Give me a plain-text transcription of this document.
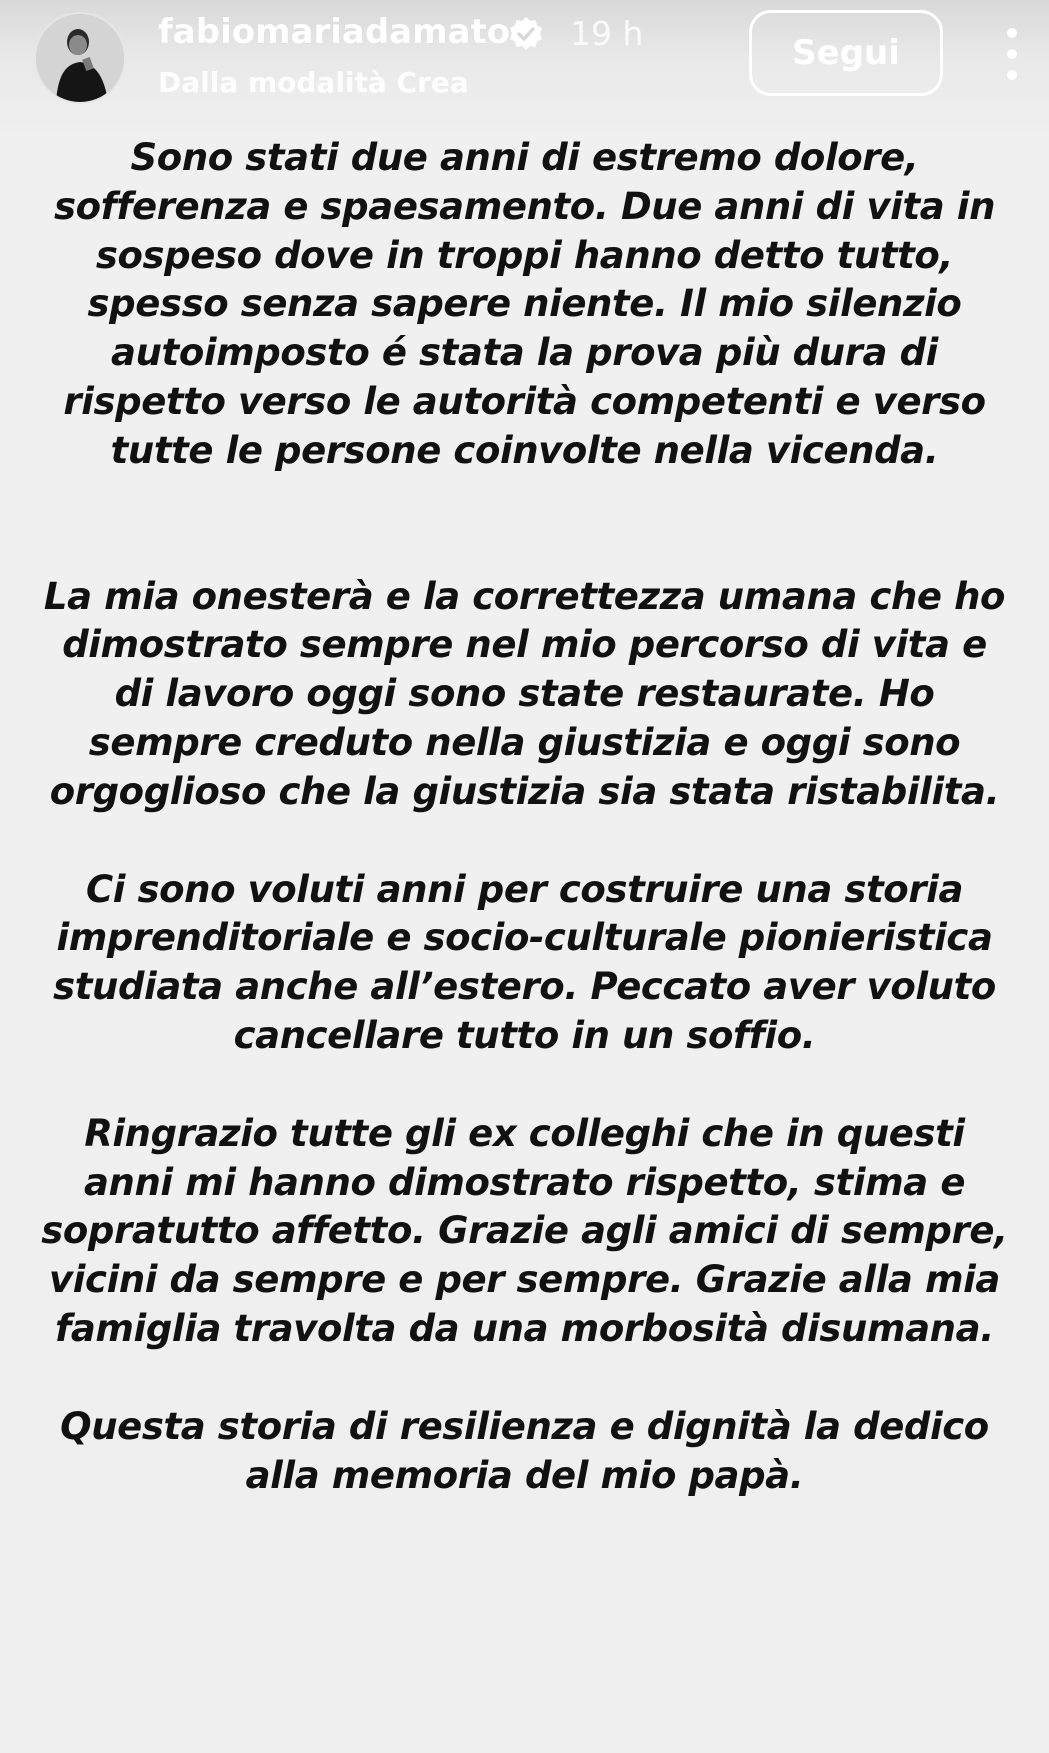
fabiomariadamato 19 h
Dalla modalità Crea
Segui

Sono stati due anni di estremo dolore, sofferenza e spaesamento. Due anni di vita in sospeso dove in troppi hanno detto tutto, spesso senza sapere niente. Il mio silenzio autoimposto é stata la prova più dura di rispetto verso le autorità competenti e verso tutte le persone coinvolte nella vicenda.

La mia onesterà e la correttezza umana che ho dimostrato sempre nel mio percorso di vita e di lavoro oggi sono state restaurate. Ho sempre creduto nella giustizia e oggi sono orgoglioso che la giustizia sia stata ristabilita.

Ci sono voluti anni per costruire una storia imprenditoriale e socio-culturale pionieristica studiata anche all’estero. Peccato aver voluto cancellare tutto in un soffio.

Ringrazio tutte gli ex colleghi che in questi anni mi hanno dimostrato rispetto, stima e sopratutto affetto. Grazie agli amici di sempre, vicini da sempre e per sempre. Grazie alla mia famiglia travolta da una morbosità disumana.

Questa storia di resilienza e dignità la dedico alla memoria del mio papà.
